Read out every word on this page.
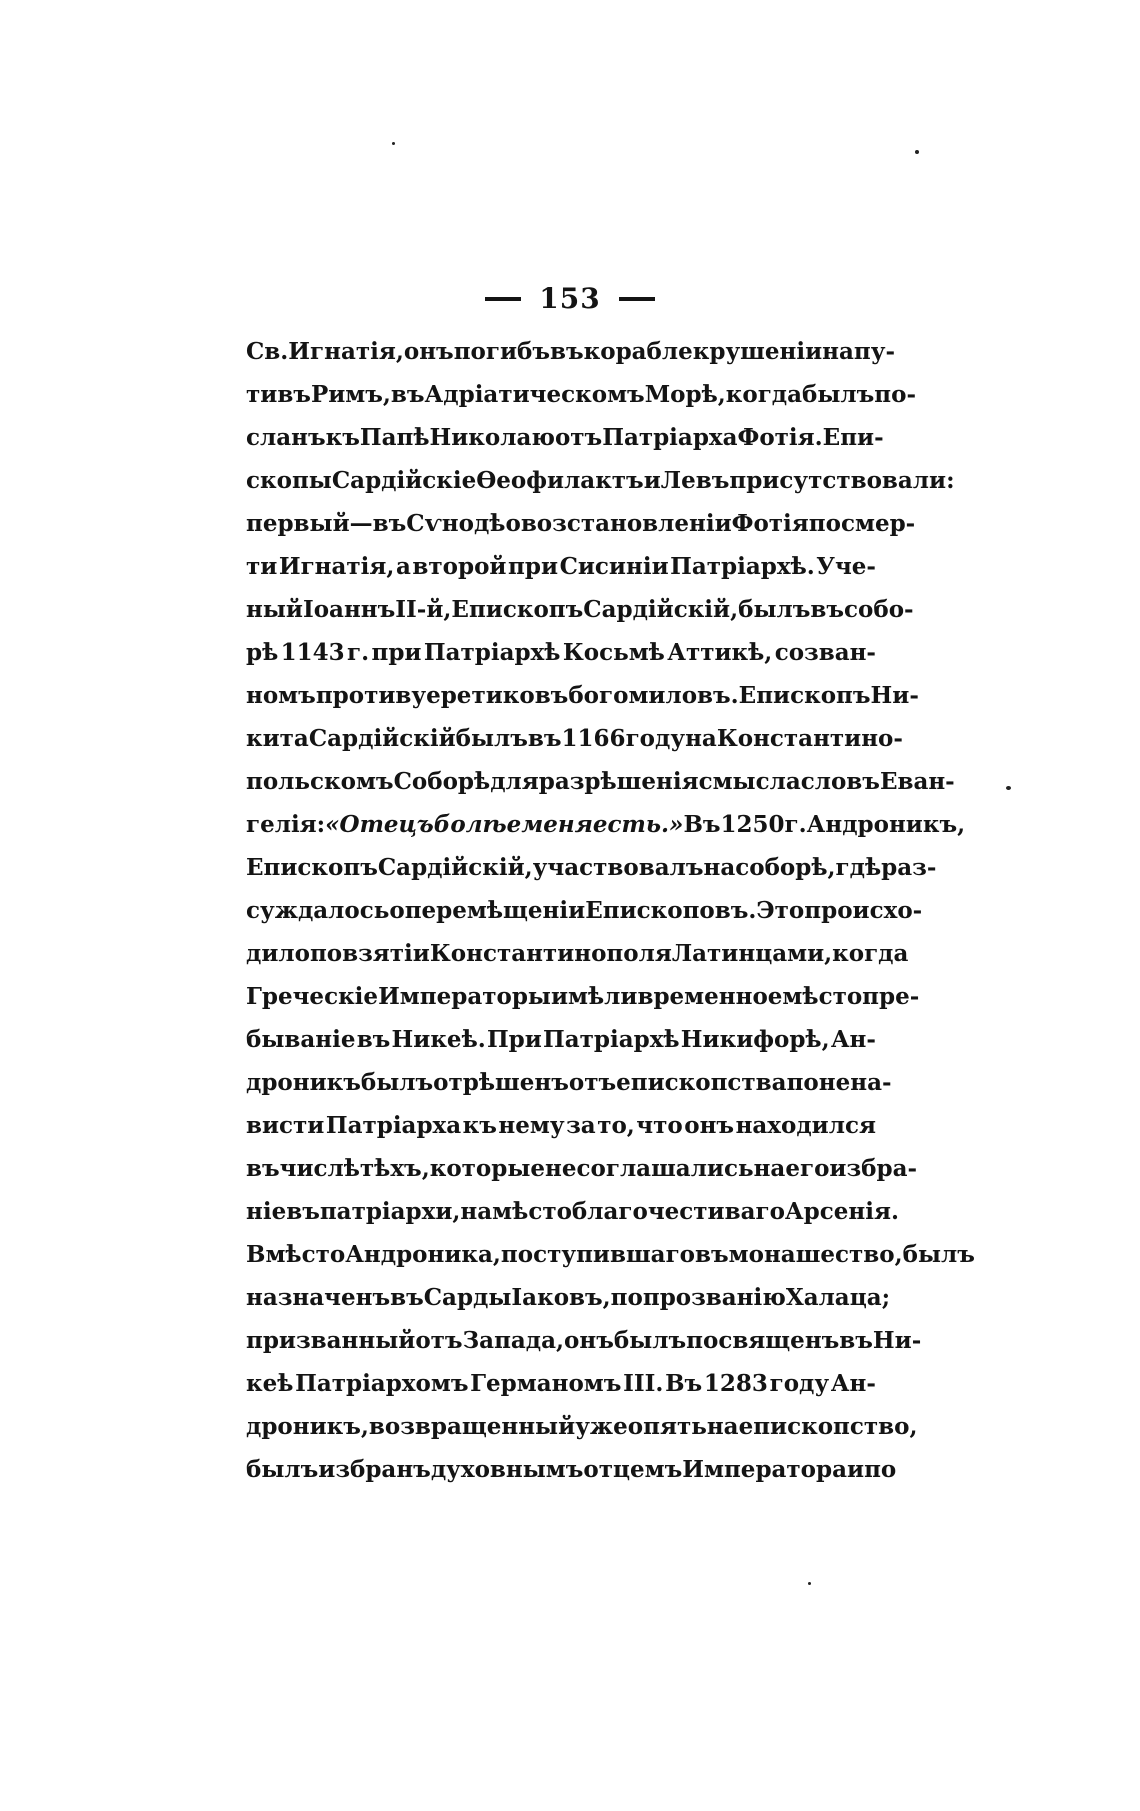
153
Св. Игнатія, онъ погибъ въ кораблекрушеніи на пу-
ти въ Римъ, въ Адріатическомъ Морѣ, когда былъ по-
сланъ къ Папѣ Николаю отъ Патріарха Фотія. Епи-
скопы Сардійскіе Ѳеофилактъ и Левъ присутствовали:
первый — въ Сѵнодѣ о возстановленіи Фотія по смер-
ти Игнатія, а второй при Сисиніи Патріархѣ. Уче-
ный Іоаннъ II-й, Епископъ Сардійскій, былъ въ собо-
рѣ 1143 г. при Патріархѣ Косьмѣ Аттикѣ, созван-
номъ противу еретиковъ богомиловъ. Епископъ Ни-
кита Сардійскій былъ въ 1166 году на Константино-
польскомъ Соборѣ для разрѣшенія смысла словъ Еван-
гелія: «Отецъ болѣе меня есть.» Въ 1250 г. Андроникъ,
Епископъ Сардійскій, участвовалъ на соборѣ, гдѣ раз-
суждалось о перемѣщеніи Епископовъ. Это происхо-
дило по взятіи Константинополя Латинцами, когда
Греческіе Императоры имѣли временное мѣстопре-
бываніе въ Никеѣ. При Патріархѣ Никифорѣ, Ан-
дроникъ былъ отрѣшенъ отъ епископства по нена-
висти Патріарха къ нему за то, что онъ находился
въ числѣ тѣхъ, которые не соглашались на его избра-
ніе въ патріархи, на мѣсто благочестиваго Арсенія.
Вмѣсто Андроника, поступившаго въ монашество, былъ
назначенъ въ Сарды Іаковъ, по прозванію Халаца;
призванный отъ Запада, онъ былъ посвященъ въ Ни-
кеѣ Патріархомъ Германомъ III. Въ 1283 году Ан-
дроникъ, возвращенный уже опять на епископство,
былъ избранъ духовнымъ отцемъ Императора и по
